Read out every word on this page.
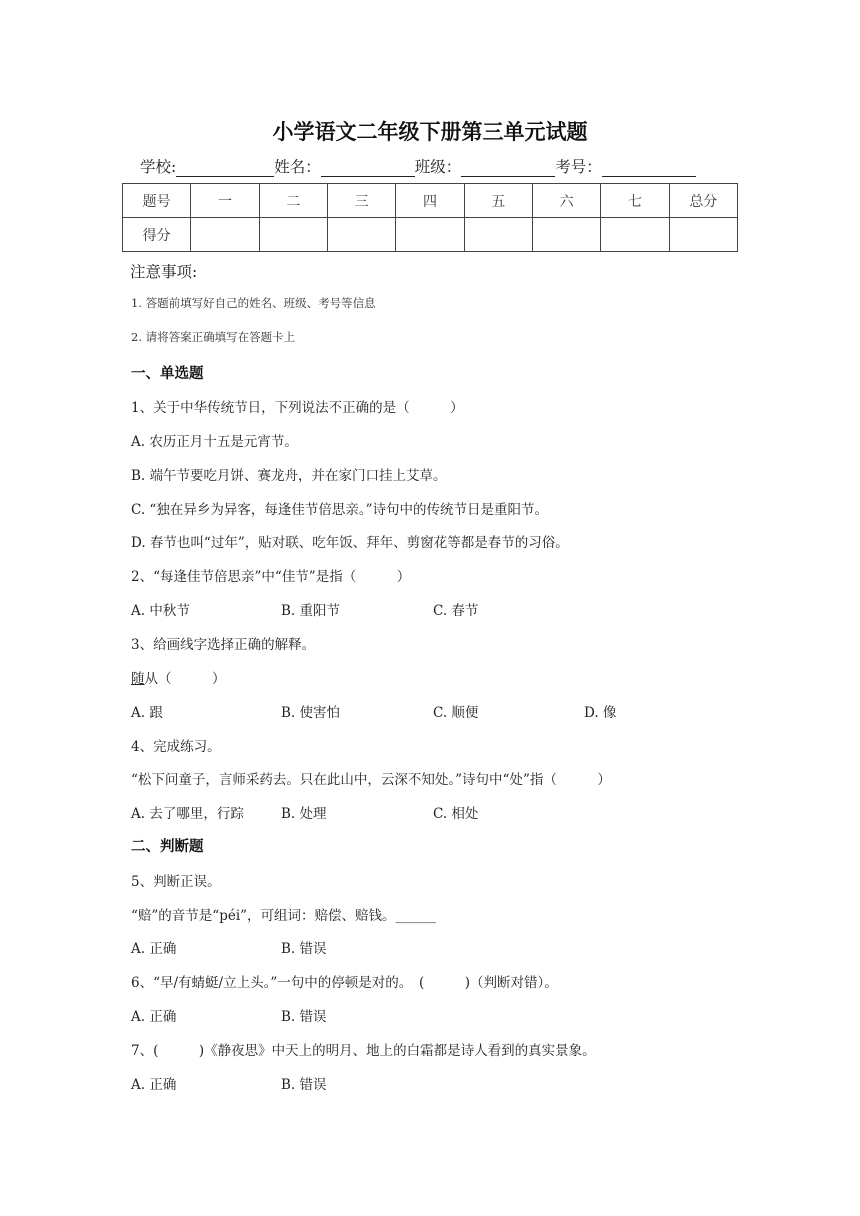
小学语文二年级下册第三单元试题
学校:	姓名：	班级：	考号：
题号	一	二	三	四	五	六	七	总分
得分								
注意事项:
1. 答题前填写好自己的姓名、班级、考号等信息
2. 请将答案正确填写在答题卡上
一、单选题
1、关于中华传统节日，下列说法不正确的是（　　　）
A. 农历正月十五是元宵节。
B. 端午节要吃月饼、赛龙舟，并在家门口挂上艾草。
C. “独在异乡为异客，每逢佳节倍思亲。”诗句中的传统节日是重阳节。
D. 春节也叫“过年”，贴对联、吃年饭、拜年、剪窗花等都是春节的习俗。
2、“每逢佳节倍思亲”中“佳节”是指（　　　）
A. 中秋节	B. 重阳节	C. 春节
3、给画线字选择正确的解释。
随从（　　　）
A. 跟	B. 使害怕	C. 顺便	D. 像
4、完成练习。
“松下问童子，言师采药去。只在此山中，云深不知处。”诗句中“处”指（　　　）
A. 去了哪里，行踪	B. 处理	C. 相处
二、判断题
5、判断正误。
“赔”的音节是“péi”，可组词：赔偿、赔钱。______
A. 正确	B. 错误
6、“早/有蜻蜓/立上头。”一句中的停顿是对的。　(　　　)（判断对错）。
A. 正确	B. 错误
7、(　　　)《静夜思》中天上的明月、地上的白霜都是诗人看到的真实景象。
A. 正确	B. 错误
